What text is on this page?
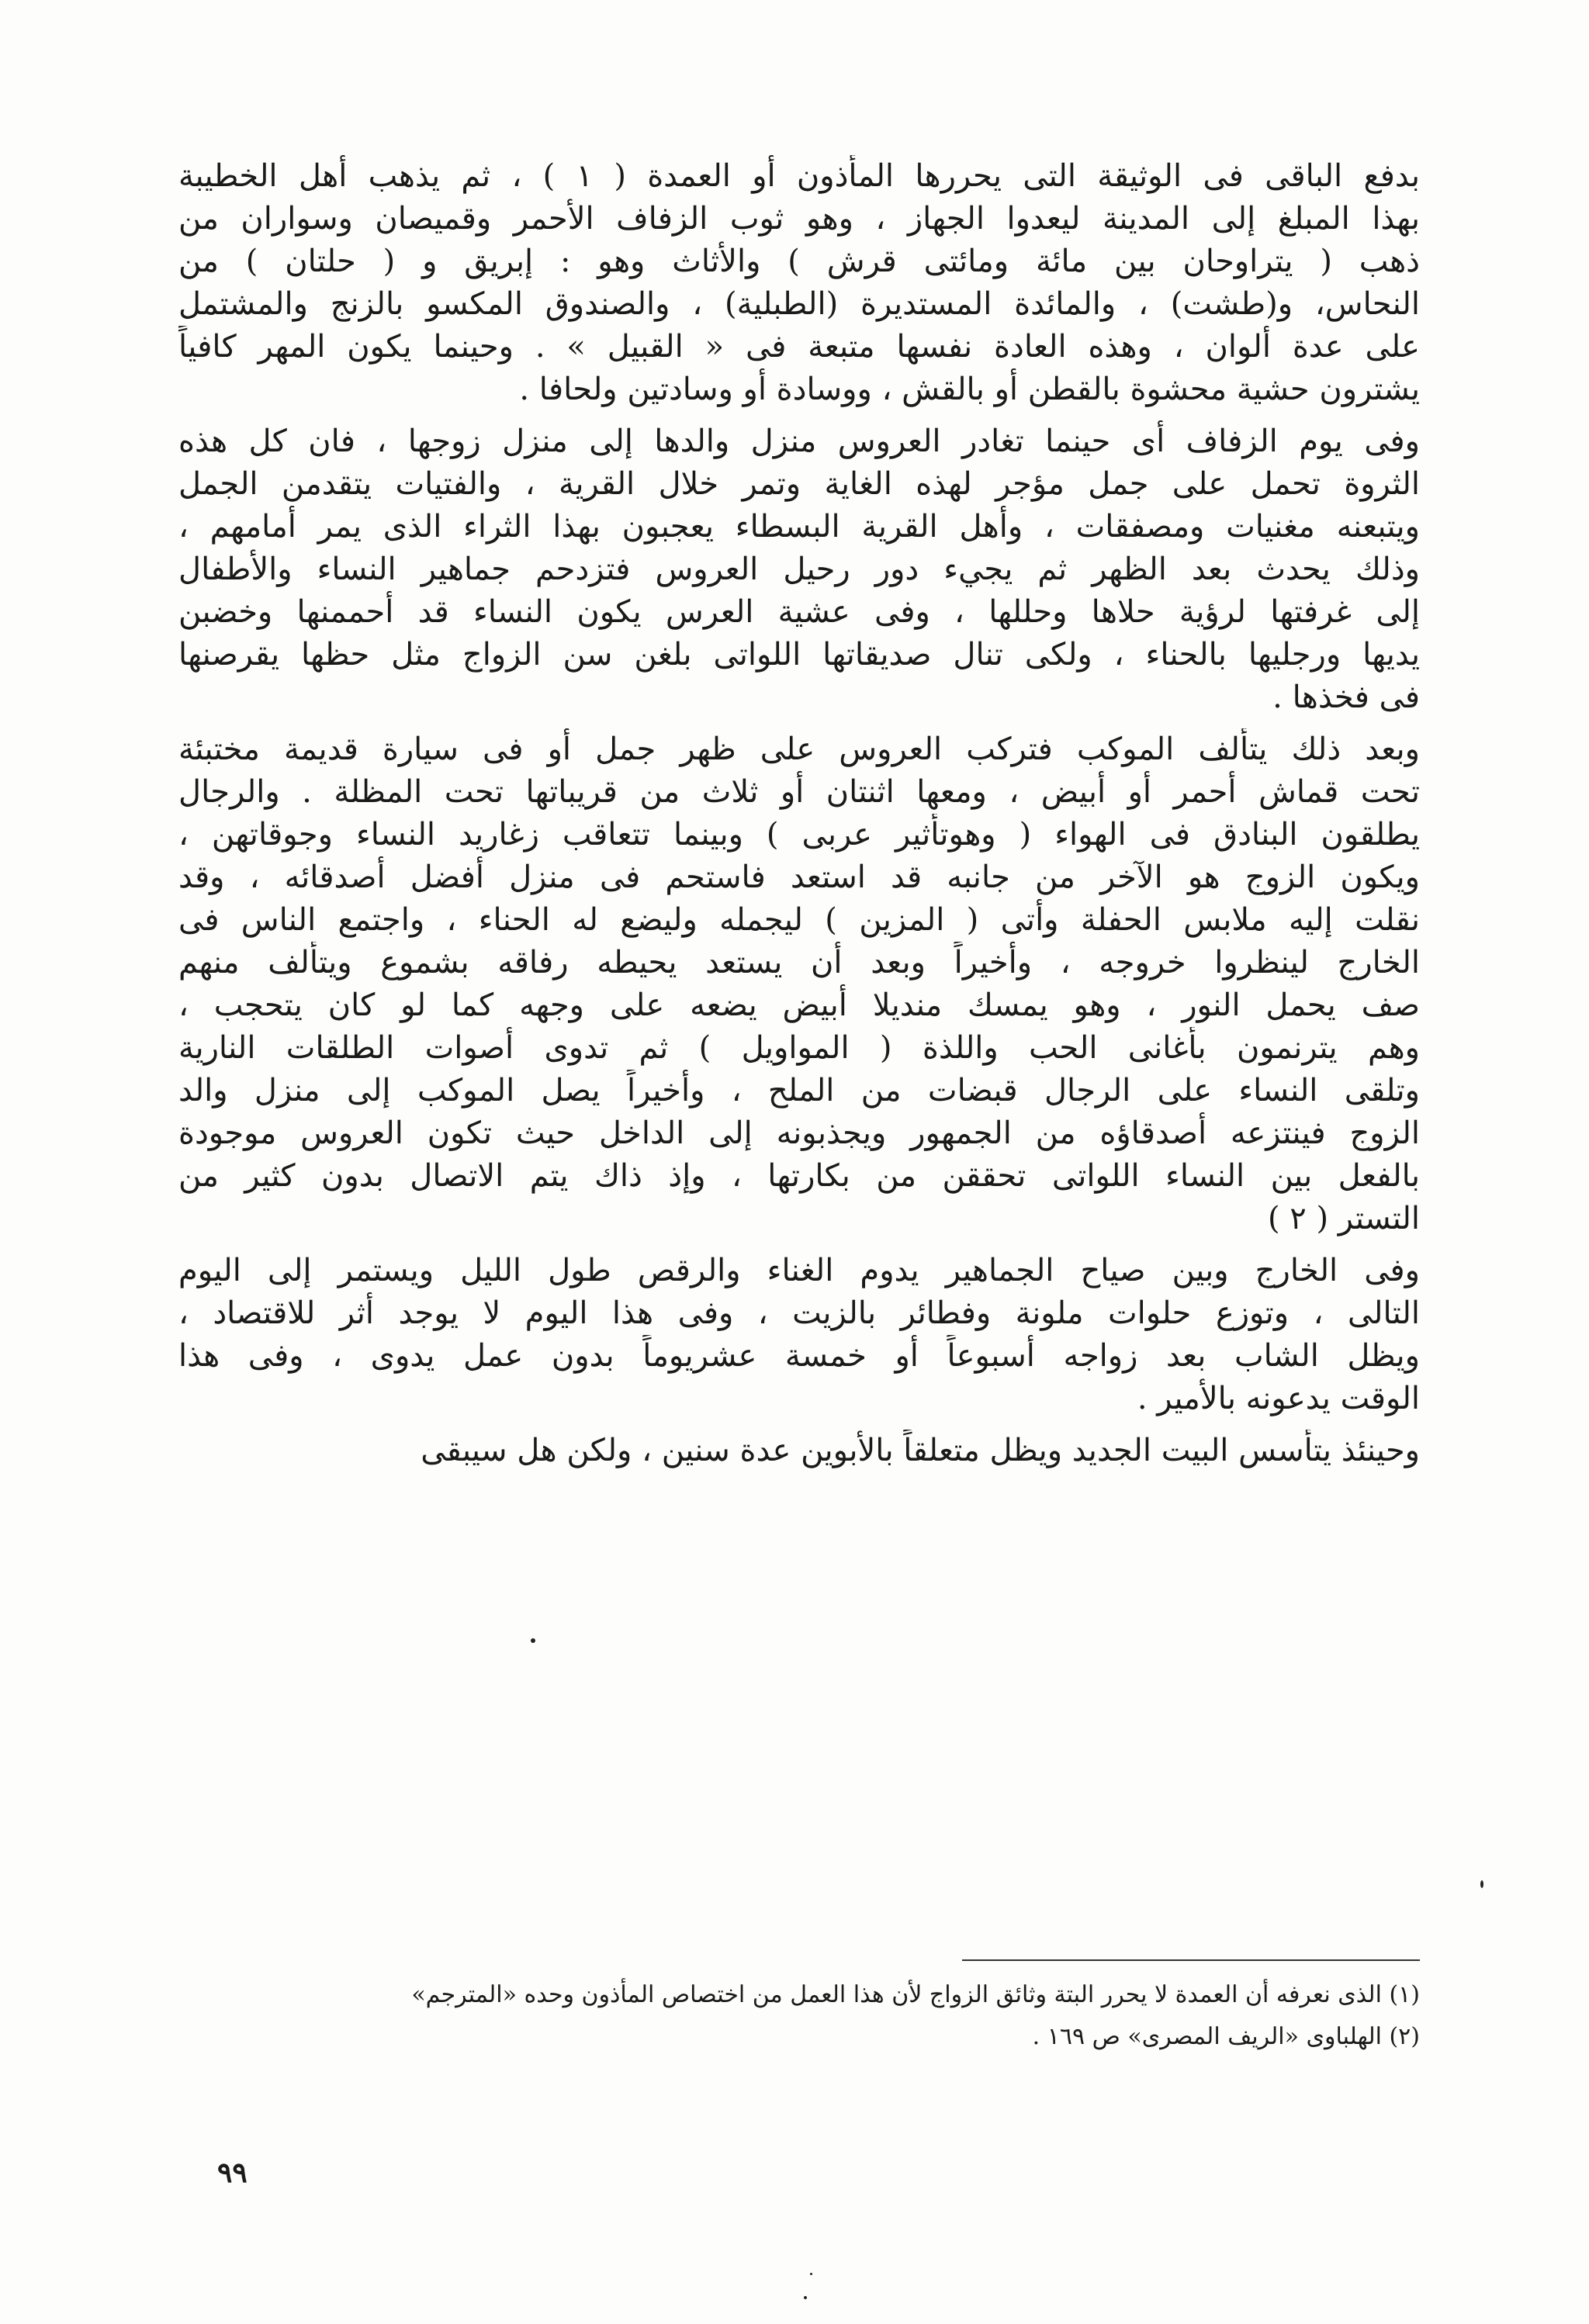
بدفع الباقى فى الوثيقة التى يحررها المأذون أو العمدة ( ١ ) ، ثم يذهب أهل الخطيبة
بهذا المبلغ إلى المدينة ليعدوا الجهاز ، وهو ثوب الزفاف الأحمر وقميصان وسواران من
ذهب ( يتراوحان بين مائة ومائتى قرش ) والأثاث وهو : إبريق و ( حلتان ) من
النحاس، و(طشت) ، والمائدة المستديرة (الطبلية) ، والصندوق المكسو بالزنج والمشتمل
على عدة ألوان ، وهذه العادة نفسها متبعة فى « القبيل » . وحينما يكون المهر كافياً
يشترون حشية محشوة بالقطن أو بالقش ، ووسادة أو وسادتين ولحافا .
وفى يوم الزفاف أى حينما تغادر العروس منزل والدها إلى منزل زوجها ، فان كل هذه
الثروة تحمل على جمل مؤجر لهذه الغاية وتمر خلال القرية ، والفتيات يتقدمن الجمل
ويتبعنه مغنيات ومصفقات ، وأهل القرية البسطاء يعجبون بهذا الثراء الذى يمر أمامهم ،
وذلك يحدث بعد الظهر ثم يجيء دور رحيل العروس فتزدحم جماهير النساء والأطفال
إلى غرفتها لرؤية حلاها وحللها ، وفى عشية العرس يكون النساء قد أحممنها وخضبن
يديها ورجليها بالحناء ، ولكى تنال صديقاتها اللواتى بلغن سن الزواج مثل حظها يقرصنها
فى فخذها .
وبعد ذلك يتألف الموكب فتركب العروس على ظهر جمل أو فى سيارة قديمة مختبئة
تحت قماش أحمر أو أبيض ، ومعها اثنتان أو ثلاث من قريباتها تحت المظلة . والرجال
يطلقون البنادق فى الهواء ( وهوتأثير عربى ) وبينما تتعاقب زغاريد النساء وجوقاتهن ،
ويكون الزوج هو الآخر من جانبه قد استعد فاستحم فى منزل أفضل أصدقائه ، وقد
نقلت إليه ملابس الحفلة وأتى ( المزين ) ليجمله وليضع له الحناء ، واجتمع الناس فى
الخارج لينظروا خروجه ، وأخيراً وبعد أن يستعد يحيطه رفاقه بشموع ويتألف منهم
صف يحمل النور ، وهو يمسك منديلا أبيض يضعه على وجهه كما لو كان يتحجب ،
وهم يترنمون بأغانى الحب واللذة ( المواويل ) ثم تدوى أصوات الطلقات النارية
وتلقى النساء على الرجال قبضات من الملح ، وأخيراً يصل الموكب إلى منزل والد
الزوج فينتزعه أصدقاؤه من الجمهور ويجذبونه إلى الداخل حيث تكون العروس موجودة
بالفعل بين النساء اللواتى تحققن من بكارتها ، وإذ ذاك يتم الاتصال بدون كثير من
التستر ( ٢ )
وفى الخارج وبين صياح الجماهير يدوم الغناء والرقص طول الليل ويستمر إلى اليوم
التالى ، وتوزع حلوات ملونة وفطائر بالزيت ، وفى هذا اليوم لا يوجد أثر للاقتصاد ،
ويظل الشاب بعد زواجه أسبوعاً أو خمسة عشريوماً بدون عمل يدوى ، وفى هذا
الوقت يدعونه بالأمير .
وحينئذ يتأسس البيت الجديد ويظل متعلقاً بالأبوين عدة سنين ، ولكن هل سيبقى
(١) الذى نعرفه أن العمدة لا يحرر البتة وثائق الزواج لأن هذا العمل من اختصاص المأذون وحده «المترجم»
(٢) الهلباوى «الريف المصرى» ص ١٦٩ .
٩٩
